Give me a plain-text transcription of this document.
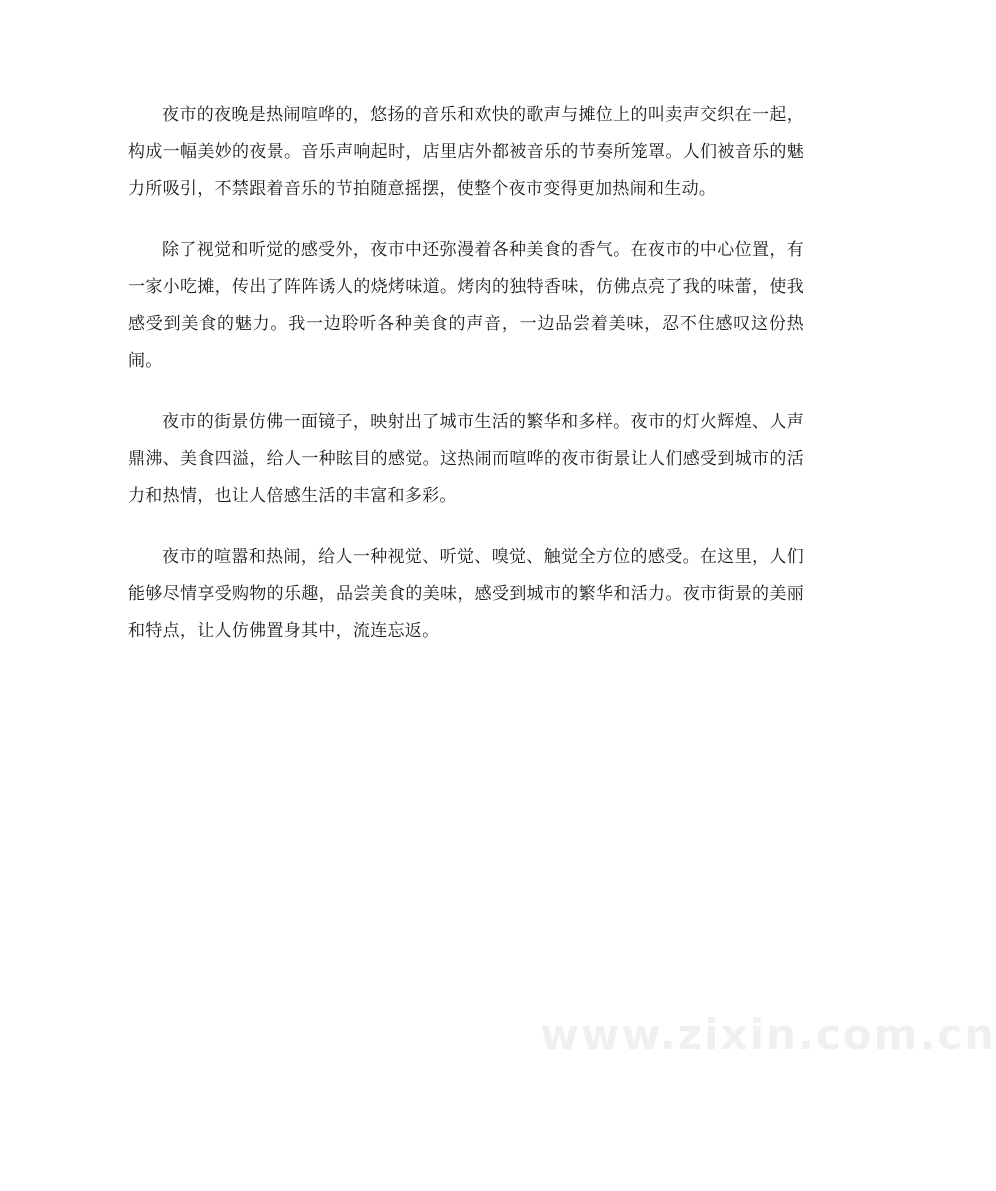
夜市的夜晚是热闹喧哗的，悠扬的音乐和欢快的歌声与摊位上的叫卖声交织在一起，构成一幅美妙的夜景。音乐声响起时，店里店外都被音乐的节奏所笼罩。人们被音乐的魅力所吸引，不禁跟着音乐的节拍随意摇摆，使整个夜市变得更加热闹和生动。

除了视觉和听觉的感受外，夜市中还弥漫着各种美食的香气。在夜市的中心位置，有一家小吃摊，传出了阵阵诱人的烧烤味道。烤肉的独特香味，仿佛点亮了我的味蕾，使我感受到美食的魅力。我一边聆听各种美食的声音，一边品尝着美味，忍不住感叹这份热闹。

夜市的街景仿佛一面镜子，映射出了城市生活的繁华和多样。夜市的灯火辉煌、人声鼎沸、美食四溢，给人一种眩目的感觉。这热闹而喧哗的夜市街景让人们感受到城市的活力和热情，也让人倍感生活的丰富和多彩。

夜市的喧嚣和热闹，给人一种视觉、听觉、嗅觉、触觉全方位的感受。在这里，人们能够尽情享受购物的乐趣，品尝美食的美味，感受到城市的繁华和活力。夜市街景的美丽和特点，让人仿佛置身其中，流连忘返。

www.zixin.com.cn
